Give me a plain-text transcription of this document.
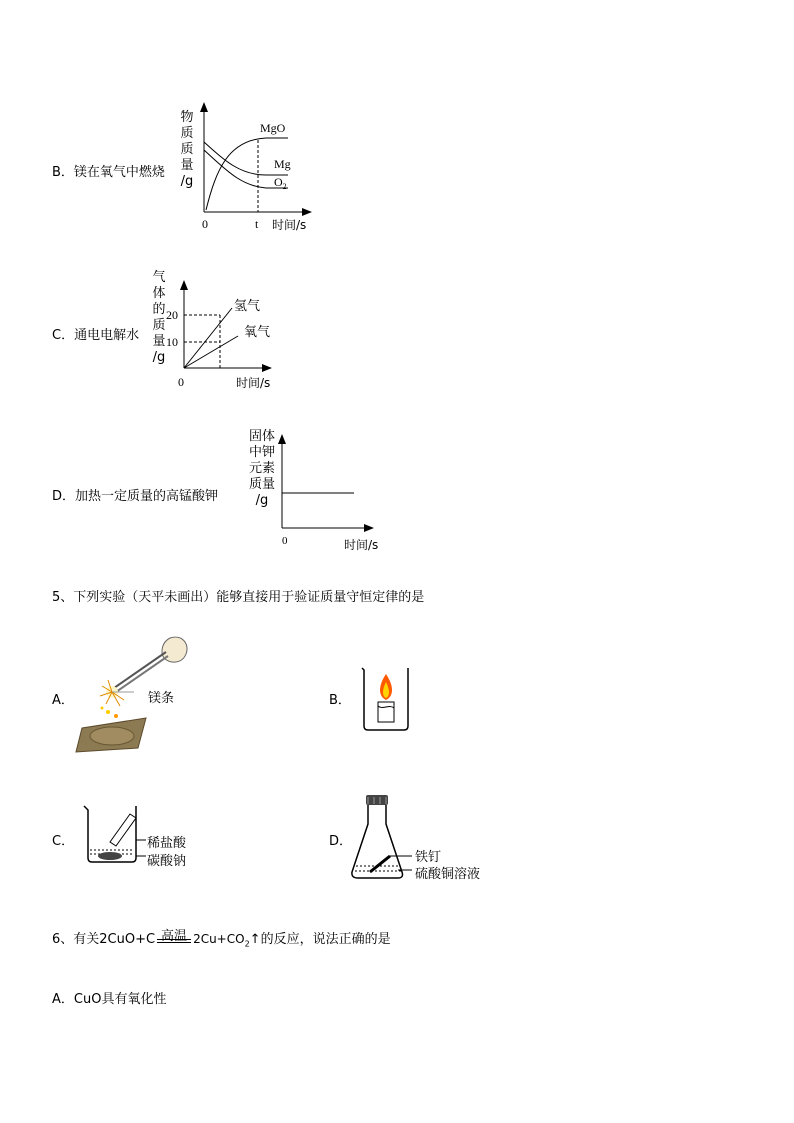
B．镁在氧气中燃烧
物
质
质
量
/g
0	t 时间/s
MgO
Mg
$O_2$
C．通电电解水
气
体
的
质
量
/g
20
10
0	时间/s
氢气
氧气
D．加热一定质量的高锰酸钾
固体
中钾
元素
质量
/g
0	时间/s
5、下列实验（天平未画出）能够直接用于验证质量守恒定律的是
A．	镁条	B．
C．	稀盐酸
碳酸钠
D．
铁钉
硫酸铜溶液
6、有关2CuO+C 高温 $2Cu+CO_2↑$的反应，说法正确的是
A．CuO具有氧化性
